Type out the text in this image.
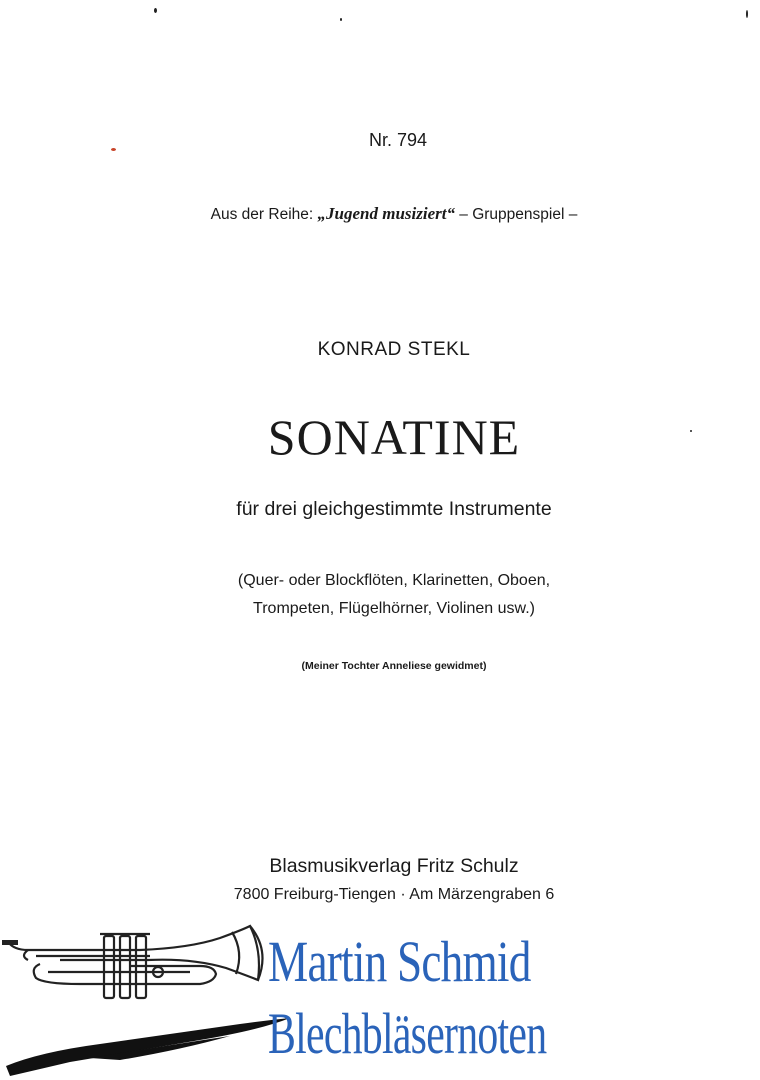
Nr. 794
Aus der Reihe: „Jugend musiziert“ – Gruppenspiel –
KONRAD STEKL
SONATINE
für drei gleichgestimmte Instrumente
(Quer- oder Blockflöten, Klarinetten, Oboen,
Trompeten, Flügelhörner, Violinen usw.)
(Meiner Tochter Anneliese gewidmet)
Blasmusikverlag Fritz Schulz
7800 Freiburg-Tiengen · Am Märzengraben 6
Martin Schmid
Blechbläsernoten
